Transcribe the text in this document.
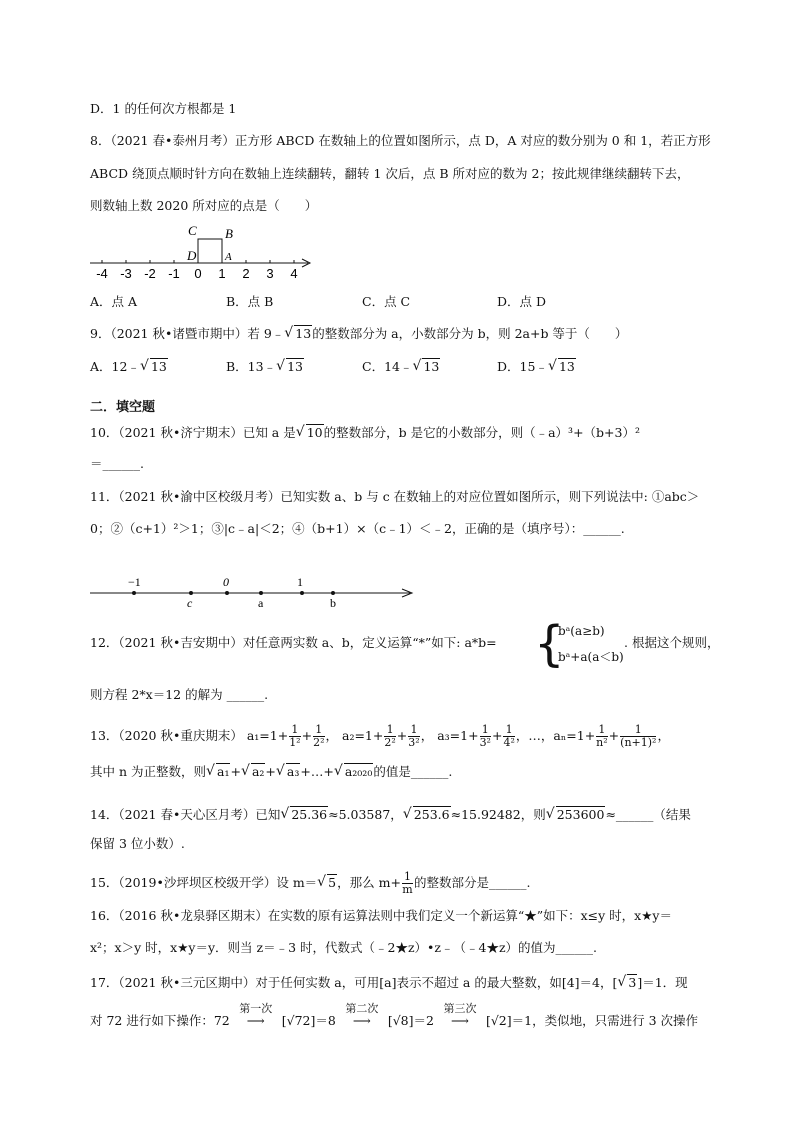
D．1 的任何次方根都是 1
8．（2021 春•泰州月考）正方形 ABCD 在数轴上的位置如图所示，点 D，A 对应的数分别为 0 和 1，若正方形
ABCD 绕顶点顺时针方向在数轴上连续翻转，翻转 1 次后，点 B 所对应的数为 2；按此规律继续翻转下去，
则数轴上数 2020 所对应的点是（　　）
C B
D	A
-4 -3 -2 -1 0 1 2 3 4
A．点 A	B．点 B	C．点 C	D．点 D
9．（2021 秋•诸暨市期中）若 9﹣ √ 13的整数部分为 a，小数部分为 b，则 2a+b 等于（　　）
A．12﹣ √ 13	B．13﹣ √ 13	C．14﹣ √ 13	D．15﹣ √ 13
二．填空题
10．（2021 秋•济宁期末）已知 a 是 √ 10的整数部分，b 是它的小数部分，则（﹣a）³+（b+3）²
＝______.
11．（2021 秋•渝中区校级月考）已知实数 a、b 与 c 在数轴上的对应位置如图所示，则下列说法中: ①abc＞
0；②（c+1）²＞1；③|c﹣a|＜2；④（b+1）×（c﹣1）＜﹣2，正确的是（填序号）：______.
−1
c
0
a
1
b
12．（2021 秋•吉安期中）对任意两实数 a、b，定义运算“*”如下: a*b= {
bᵃ(a≥b)
bᵃ+a(a＜b)
. 根据这个规则，
则方程 2*x＝12 的解为 ______.
13．（2020 秋•重庆期末） $a_1=1+ \frac{1}{\text{1²}} + \frac{1}{\text{2²}}$ ， $a_2=1+ \frac{1}{\text{2²}} + \frac{1}{\text{3²}}$ ， $a_3=1+ \frac{1}{\text{3²}} + \frac{1}{\text{4²}}$ ，…，$a_n=1+ \frac{1}{\text{n²}} + \frac{1}{\text{(n+1)²}}$ ，
其中 n 为正整数，则 √ a₁+ √ a₂+ √ a₃+…+ √ a₂₀₂₀的值是______.
14．（2021 春•天心区月考）已知 √ 25.36≈5.03587， √ 253.6≈15.92482，则 √ 253600≈______（结果
保留 3 位小数）.
15．（2019•沙坪坝区校级开学）设 m＝ √ 5，那么 $m+ \frac{1}{m}$ 的整数部分是______.
16．（2016 秋•龙泉驿区期末）在实数的原有运算法则中我们定义一个新运算“★”如下：x≤y 时，x★y＝
x²；x＞y 时，x★y＝y．则当 z＝﹣3 时，代数式（﹣2★z）•z﹣（﹣4★z）的值为______.
17．（2021 秋•三元区期中）对于任何实数 a，可用[a]表示不超过 a 的最大整数，如[4]＝4，[ √ 3]＝1．现
对 72 进行如下操作：72
第一次
⟶ [√72]＝8
第二次
⟶ [√8]＝2
第三次
⟶ [√2]＝1，类似地，只需进行 3 次操作
